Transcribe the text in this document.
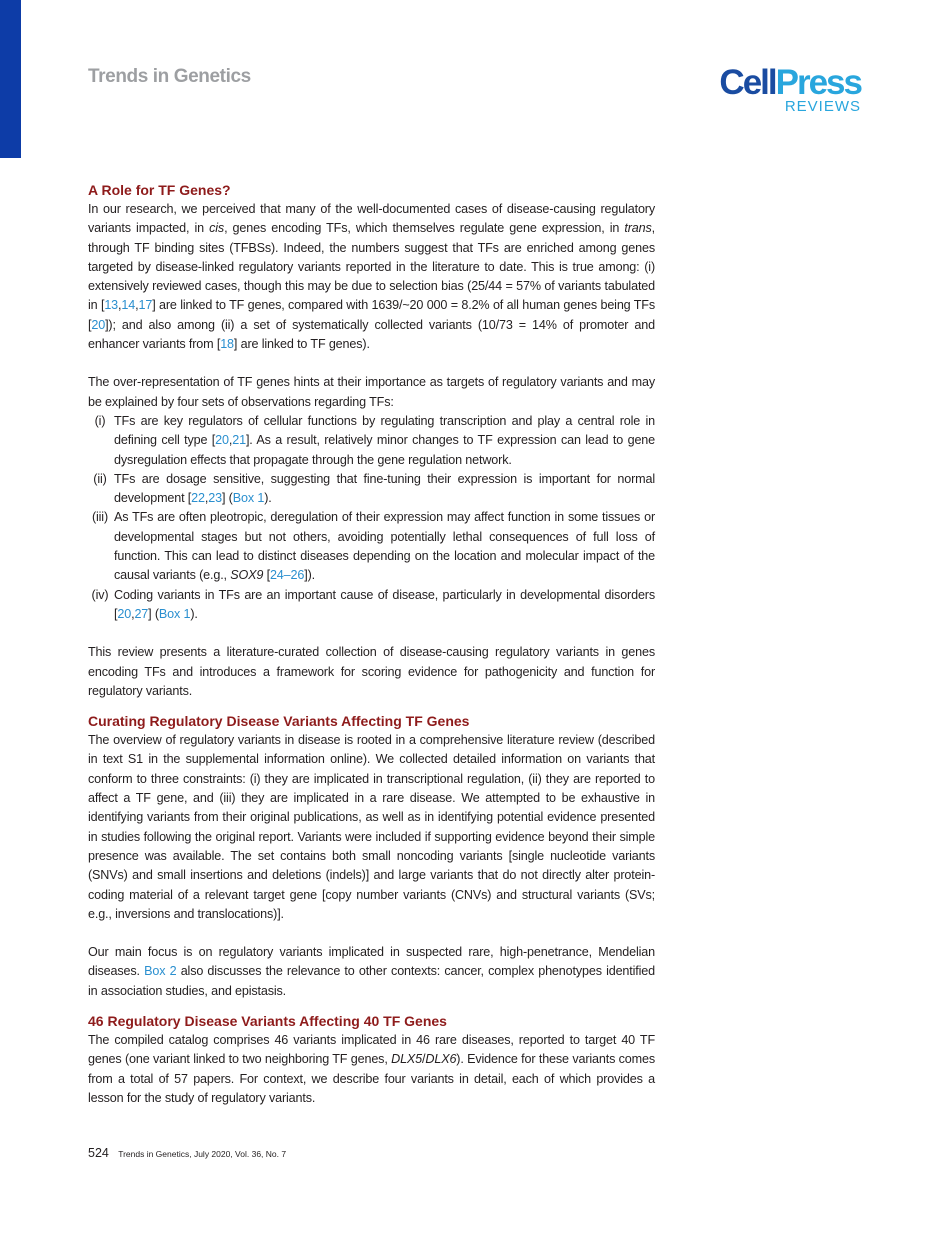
Trends in Genetics	CellPress
REVIEWS
A Role for TF Genes?

In our research, we perceived that many of the well-documented cases of disease-causing regulatory variants impacted, in cis, genes encoding TFs, which themselves regulate gene expression, in trans, through TF binding sites (TFBSs). Indeed, the numbers suggest that TFs are enriched among genes targeted by disease-linked regulatory variants reported in the literature to date. This is true among: (i) extensively reviewed cases, though this may be due to selection bias (25/44 = 57% of variants tabulated in [13,14,17] are linked to TF genes, compared with 1639/~20 000 = 8.2% of all human genes being TFs [20]); and also among (ii) a set of systematically collected variants (10/73 = 14% of promoter and enhancer variants from [18] are linked to TF genes).

The over-representation of TF genes hints at their importance as targets of regulatory variants and may be explained by four sets of observations regarding TFs:

(i) TFs are key regulators of cellular functions by regulating transcription and play a central role in defining cell type [20,21]. As a result, relatively minor changes to TF expression can lead to gene dysregulation effects that propagate through the gene regulation network.
(ii) TFs are dosage sensitive, suggesting that fine-tuning their expression is important for normal development [22,23] (Box 1).
(iii) As TFs are often pleotropic, deregulation of their expression may affect function in some tissues or developmental stages but not others, avoiding potentially lethal consequences of full loss of function. This can lead to distinct diseases depending on the location and molecular impact of the causal variants (e.g., SOX9 [24–26]).
(iv) Coding variants in TFs are an important cause of disease, particularly in developmental disorders [20,27] (Box 1).

This review presents a literature-curated collection of disease-causing regulatory variants in genes encoding TFs and introduces a framework for scoring evidence for pathogenicity and function for regulatory variants.

Curating Regulatory Disease Variants Affecting TF Genes

The overview of regulatory variants in disease is rooted in a comprehensive literature review (described in text S1 in the supplemental information online). We collected detailed information on variants that conform to three constraints: (i) they are implicated in transcriptional regulation, (ii) they are reported to affect a TF gene, and (iii) they are implicated in a rare disease. We attempted to be exhaustive in identifying variants from their original publications, as well as in identifying potential evidence presented in studies following the original report. Variants were included if supporting evidence beyond their simple presence was available. The set contains both small noncoding variants [single nucleotide variants (SNVs) and small insertions and deletions (indels)] and large variants that do not directly alter protein-coding material of a relevant target gene [copy number variants (CNVs) and structural variants (SVs; e.g., inversions and translocations)].

Our main focus is on regulatory variants implicated in suspected rare, high-penetrance, Mendelian diseases. Box 2 also discusses the relevance to other contexts: cancer, complex phenotypes identified in association studies, and epistasis.

46 Regulatory Disease Variants Affecting 40 TF Genes

The compiled catalog comprises 46 variants implicated in 46 rare diseases, reported to target 40 TF genes (one variant linked to two neighboring TF genes, DLX5/DLX6). Evidence for these variants comes from a total of 57 papers. For context, we describe four variants in detail, each of which provides a lesson for the study of regulatory variants.

524 Trends in Genetics, July 2020, Vol. 36, No. 7
